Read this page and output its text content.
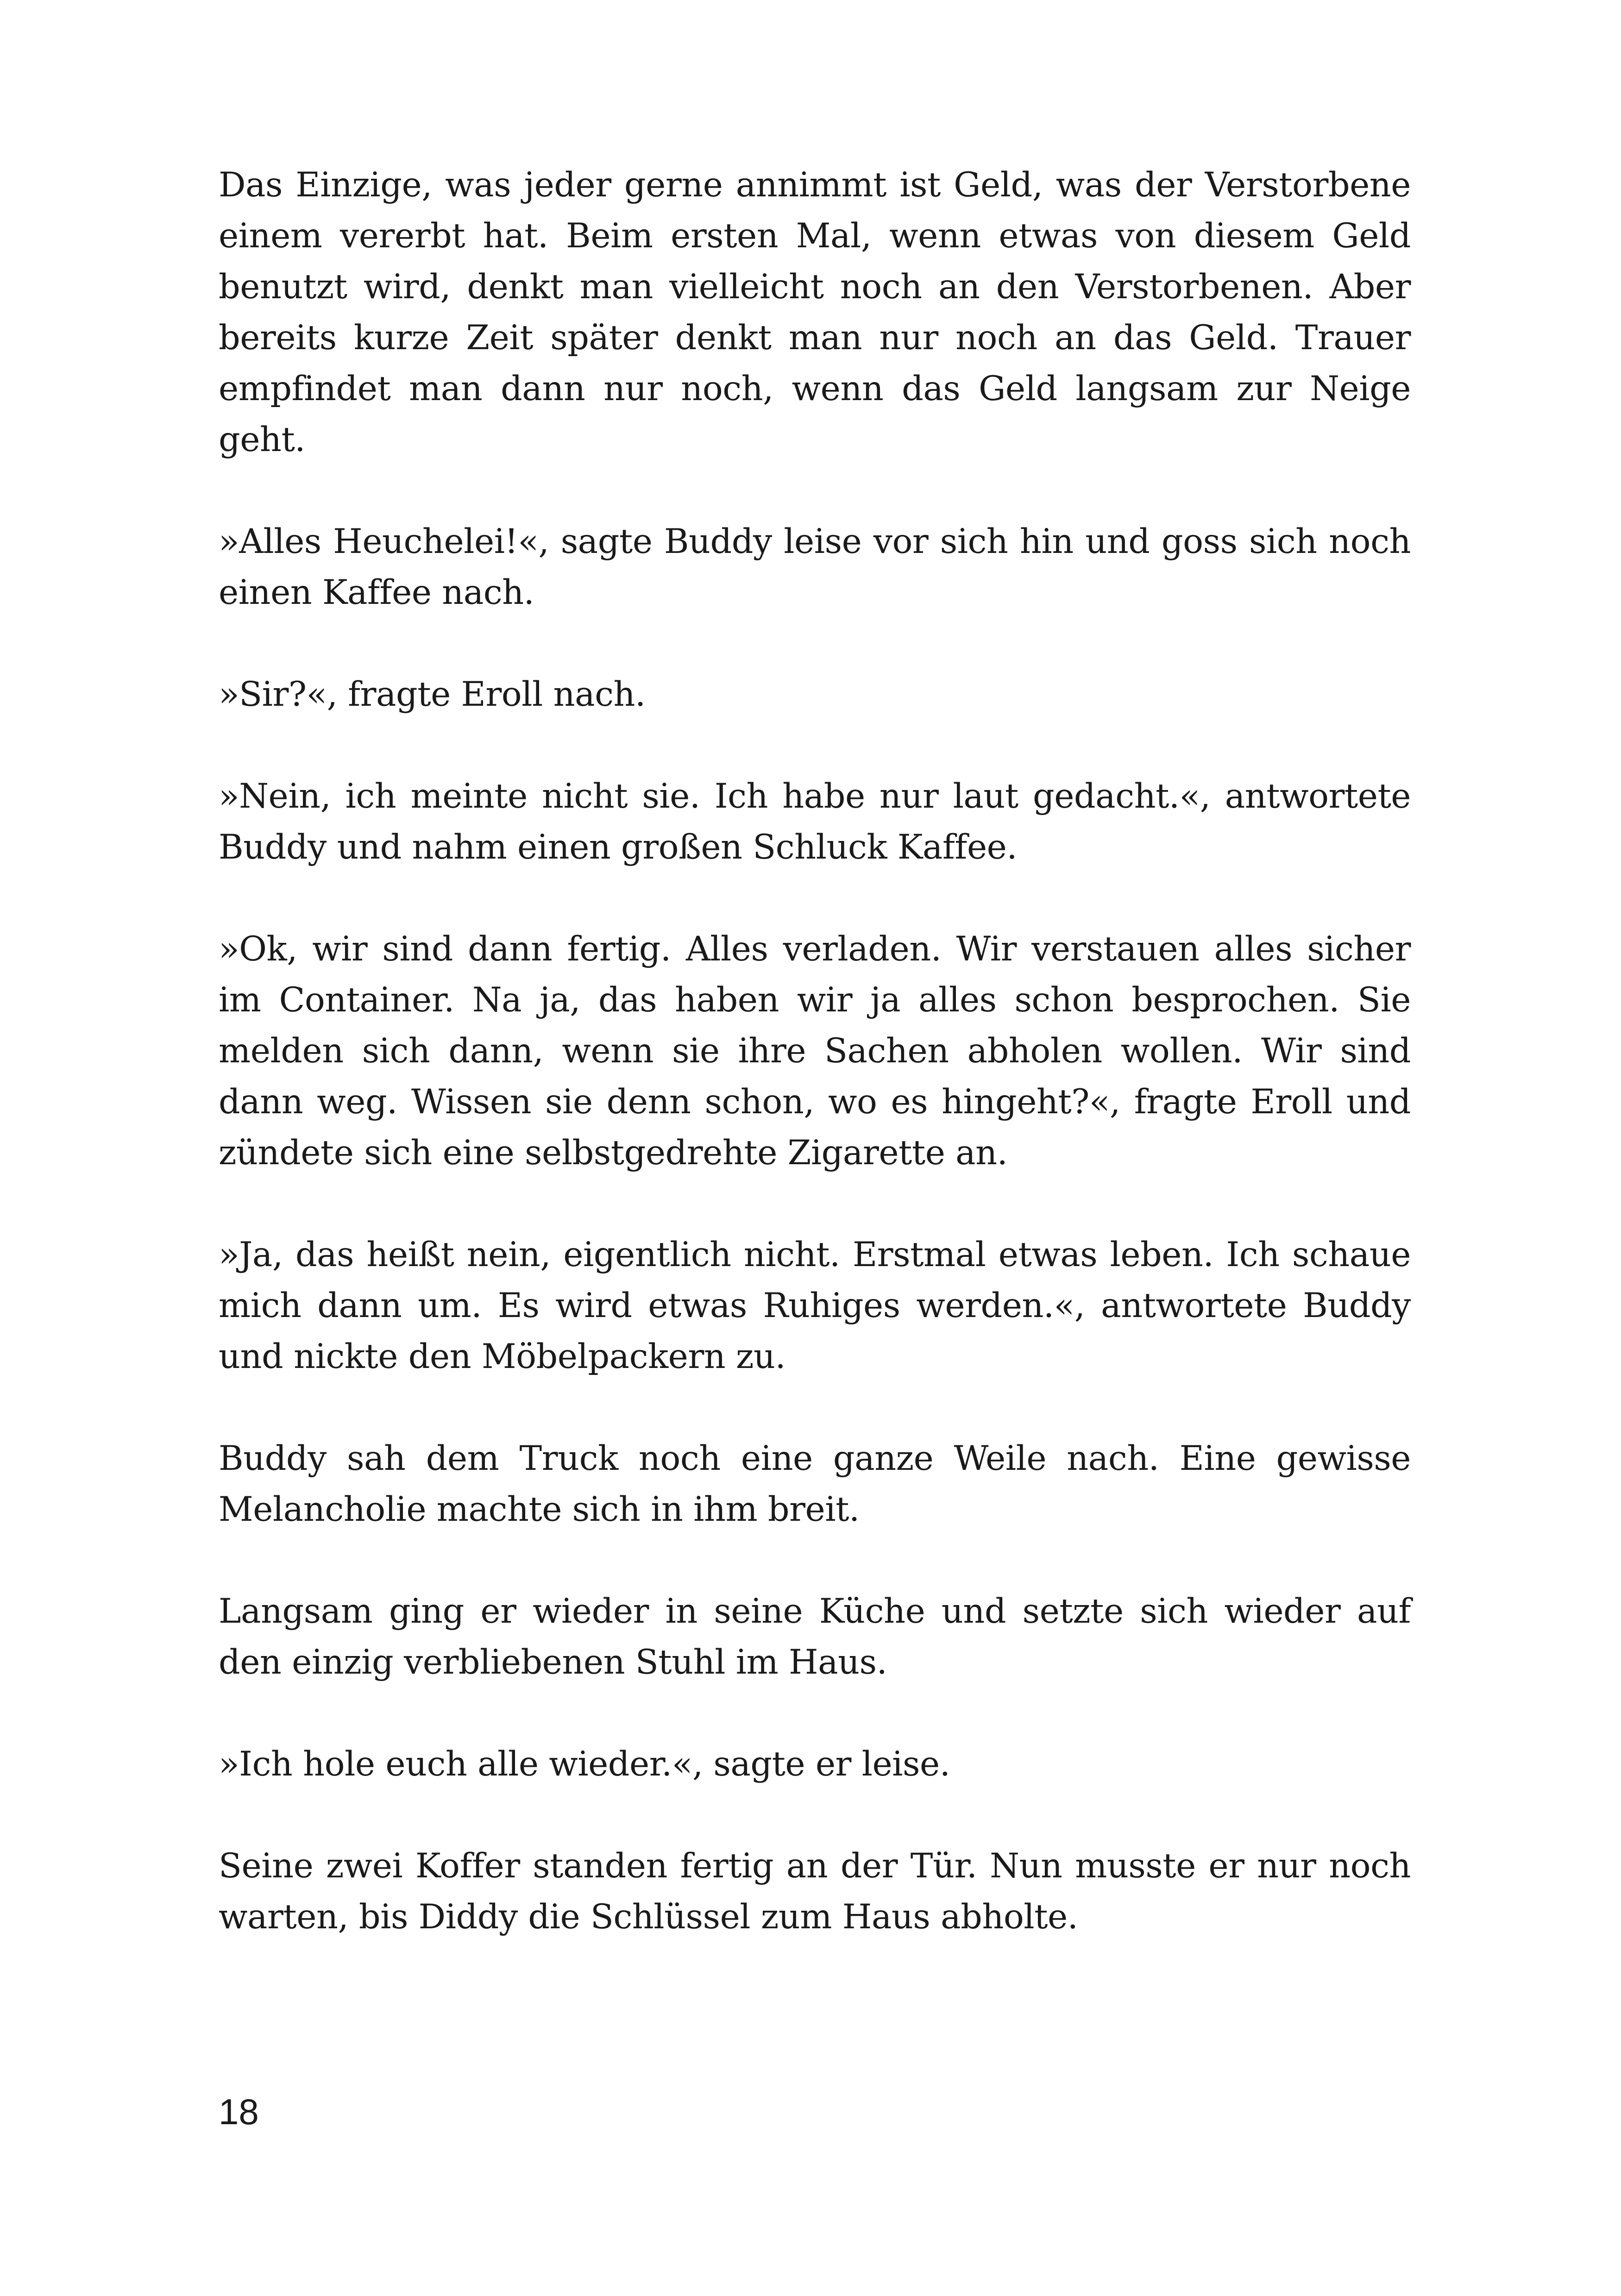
Das Einzige, was jeder gerne annimmt ist Geld, was der Verstorbene einem vererbt hat. Beim ersten Mal, wenn etwas von diesem Geld benutzt wird, denkt man vielleicht noch an den Verstorbenen. Aber bereits kurze Zeit später denkt man nur noch an das Geld. Trauer empfindet man dann nur noch, wenn das Geld langsam zur Neige geht.

»Alles Heuchelei!«, sagte Buddy leise vor sich hin und goss sich noch einen Kaffee nach.

»Sir?«, fragte Eroll nach.

»Nein, ich meinte nicht sie. Ich habe nur laut gedacht.«, antwortete Buddy und nahm einen großen Schluck Kaffee.

»Ok, wir sind dann fertig. Alles verladen. Wir verstauen alles sicher im Container. Na ja, das haben wir ja alles schon besprochen. Sie melden sich dann, wenn sie ihre Sachen abholen wollen. Wir sind dann weg. Wissen sie denn schon, wo es hingeht?«, fragte Eroll und zündete sich eine selbstgedrehte Zigarette an.

»Ja, das heißt nein, eigentlich nicht. Erstmal etwas leben. Ich schaue mich dann um. Es wird etwas Ruhiges werden.«, antwortete Buddy und nickte den Möbelpackern zu.

Buddy sah dem Truck noch eine ganze Weile nach. Eine gewisse Melancholie machte sich in ihm breit.

Langsam ging er wieder in seine Küche und setzte sich wieder auf den einzig verbliebenen Stuhl im Haus.

»Ich hole euch alle wieder.«, sagte er leise.

Seine zwei Koffer standen fertig an der Tür. Nun musste er nur noch warten, bis Diddy die Schlüssel zum Haus abholte.

18
